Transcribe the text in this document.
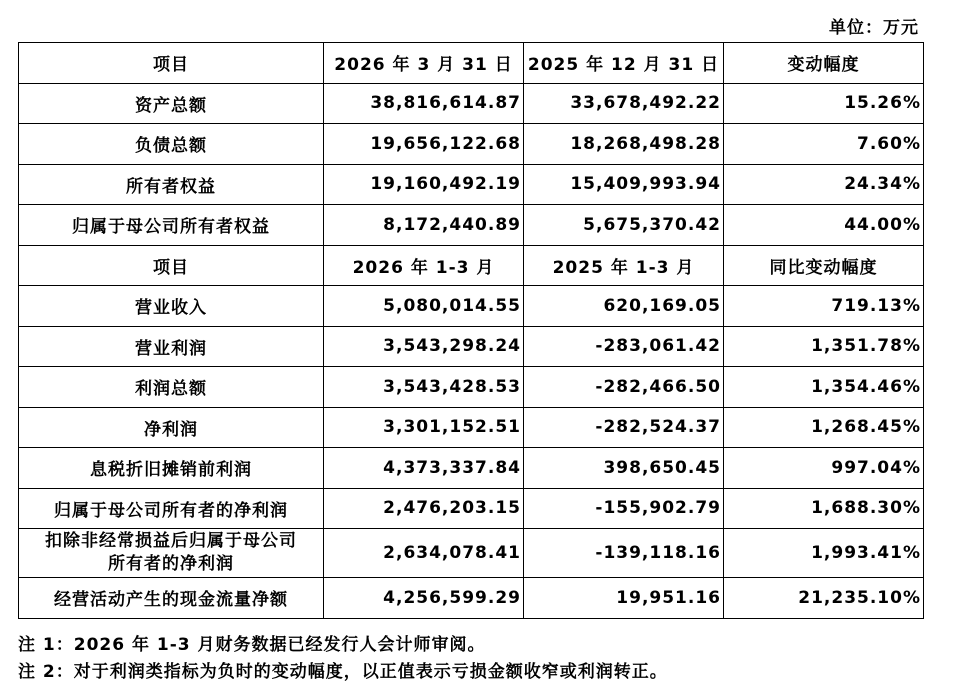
单位：万元
项目	2026 年 3 月 31 日	2025 年 12 月 31 日	变动幅度
资产总额	38,816,614.87	33,678,492.22	15.26%
负债总额	19,656,122.68	18,268,498.28	7.60%
所有者权益	19,160,492.19	15,409,993.94	24.34%
归属于母公司所有者权益	8,172,440.89	5,675,370.42	44.00%
项目	2026 年 1-3 月	2025 年 1-3 月	同比变动幅度
营业收入	5,080,014.55	620,169.05	719.13%
营业利润	3,543,298.24	-283,061.42	1,351.78%
利润总额	3,543,428.53	-282,466.50	1,354.46%
净利润	3,301,152.51	-282,524.37	1,268.45%
息税折旧摊销前利润	4,373,337.84	398,650.45	997.04%
归属于母公司所有者的净利润	2,476,203.15	-155,902.79	1,688.30%

扣除非经常损益后归属于母公司
所有者的净利润	2,634,078.41	-139,118.16	1,993.41%
经营活动产生的现金流量净额	4,256,599.29	19,951.16	21,235.10%
注 1：2026 年 1-3 月财务数据已经发行人会计师审阅。
注 2：对于利润类指标为负时的变动幅度，以正值表示亏损金额收窄或利润转正。
